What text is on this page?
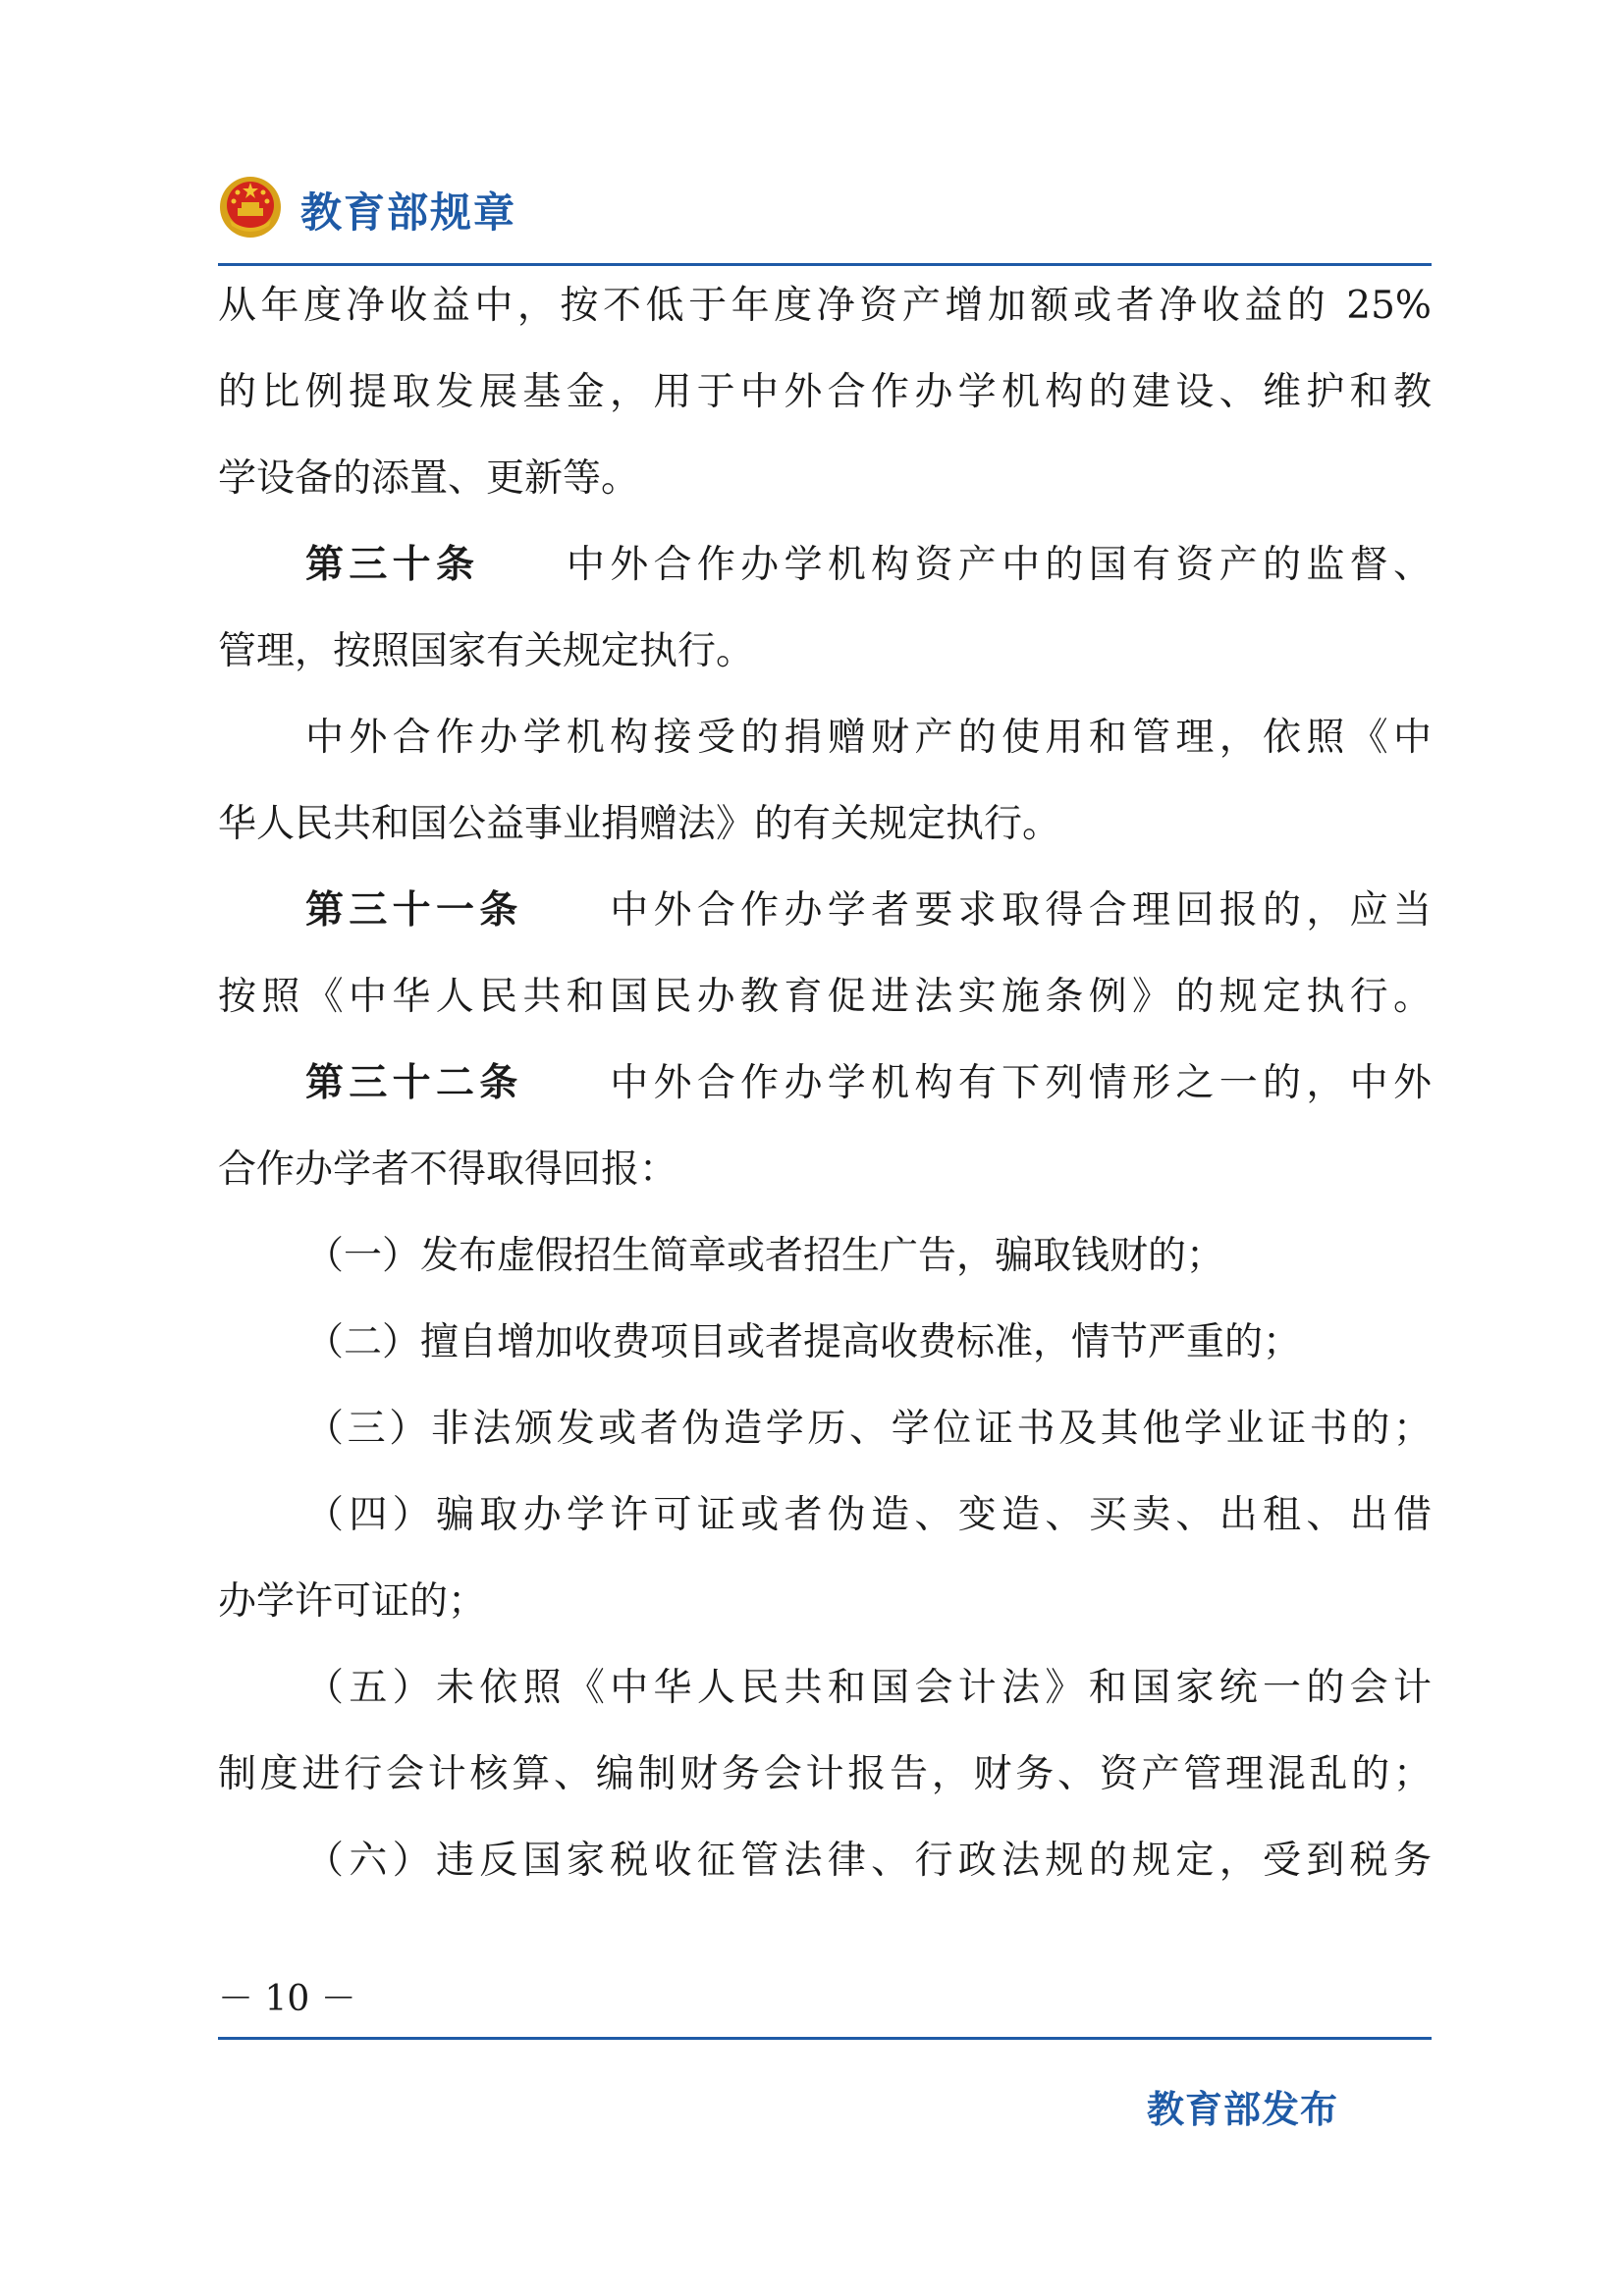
教育部规章
从年度净收益中，按不低于年度净资产增加额或者净收益的 25%
的比例提取发展基金，用于中外合作办学机构的建设、维护和教
学设备的添置、更新等。
第三十条 中外合作办学机构资产中的国有资产的监督、
管理，按照国家有关规定执行。
中外合作办学机构接受的捐赠财产的使用和管理，依照《中
华人民共和国公益事业捐赠法》的有关规定执行。
第三十一条 中外合作办学者要求取得合理回报的，应当
按照《中华人民共和国民办教育促进法实施条例》的规定执行。
第三十二条 中外合作办学机构有下列情形之一的，中外
合作办学者不得取得回报：
（一）发布虚假招生简章或者招生广告，骗取钱财的；
（二）擅自增加收费项目或者提高收费标准，情节严重的；
（三）非法颁发或者伪造学历、学位证书及其他学业证书的；
（四）骗取办学许可证或者伪造、变造、买卖、出租、出借
办学许可证的；
（五）未依照《中华人民共和国会计法》和国家统一的会计
制度进行会计核算、编制财务会计报告，财务、资产管理混乱的；
（六）违反国家税收征管法律、行政法规的规定，受到税务
－ 10 －
教育部发布
